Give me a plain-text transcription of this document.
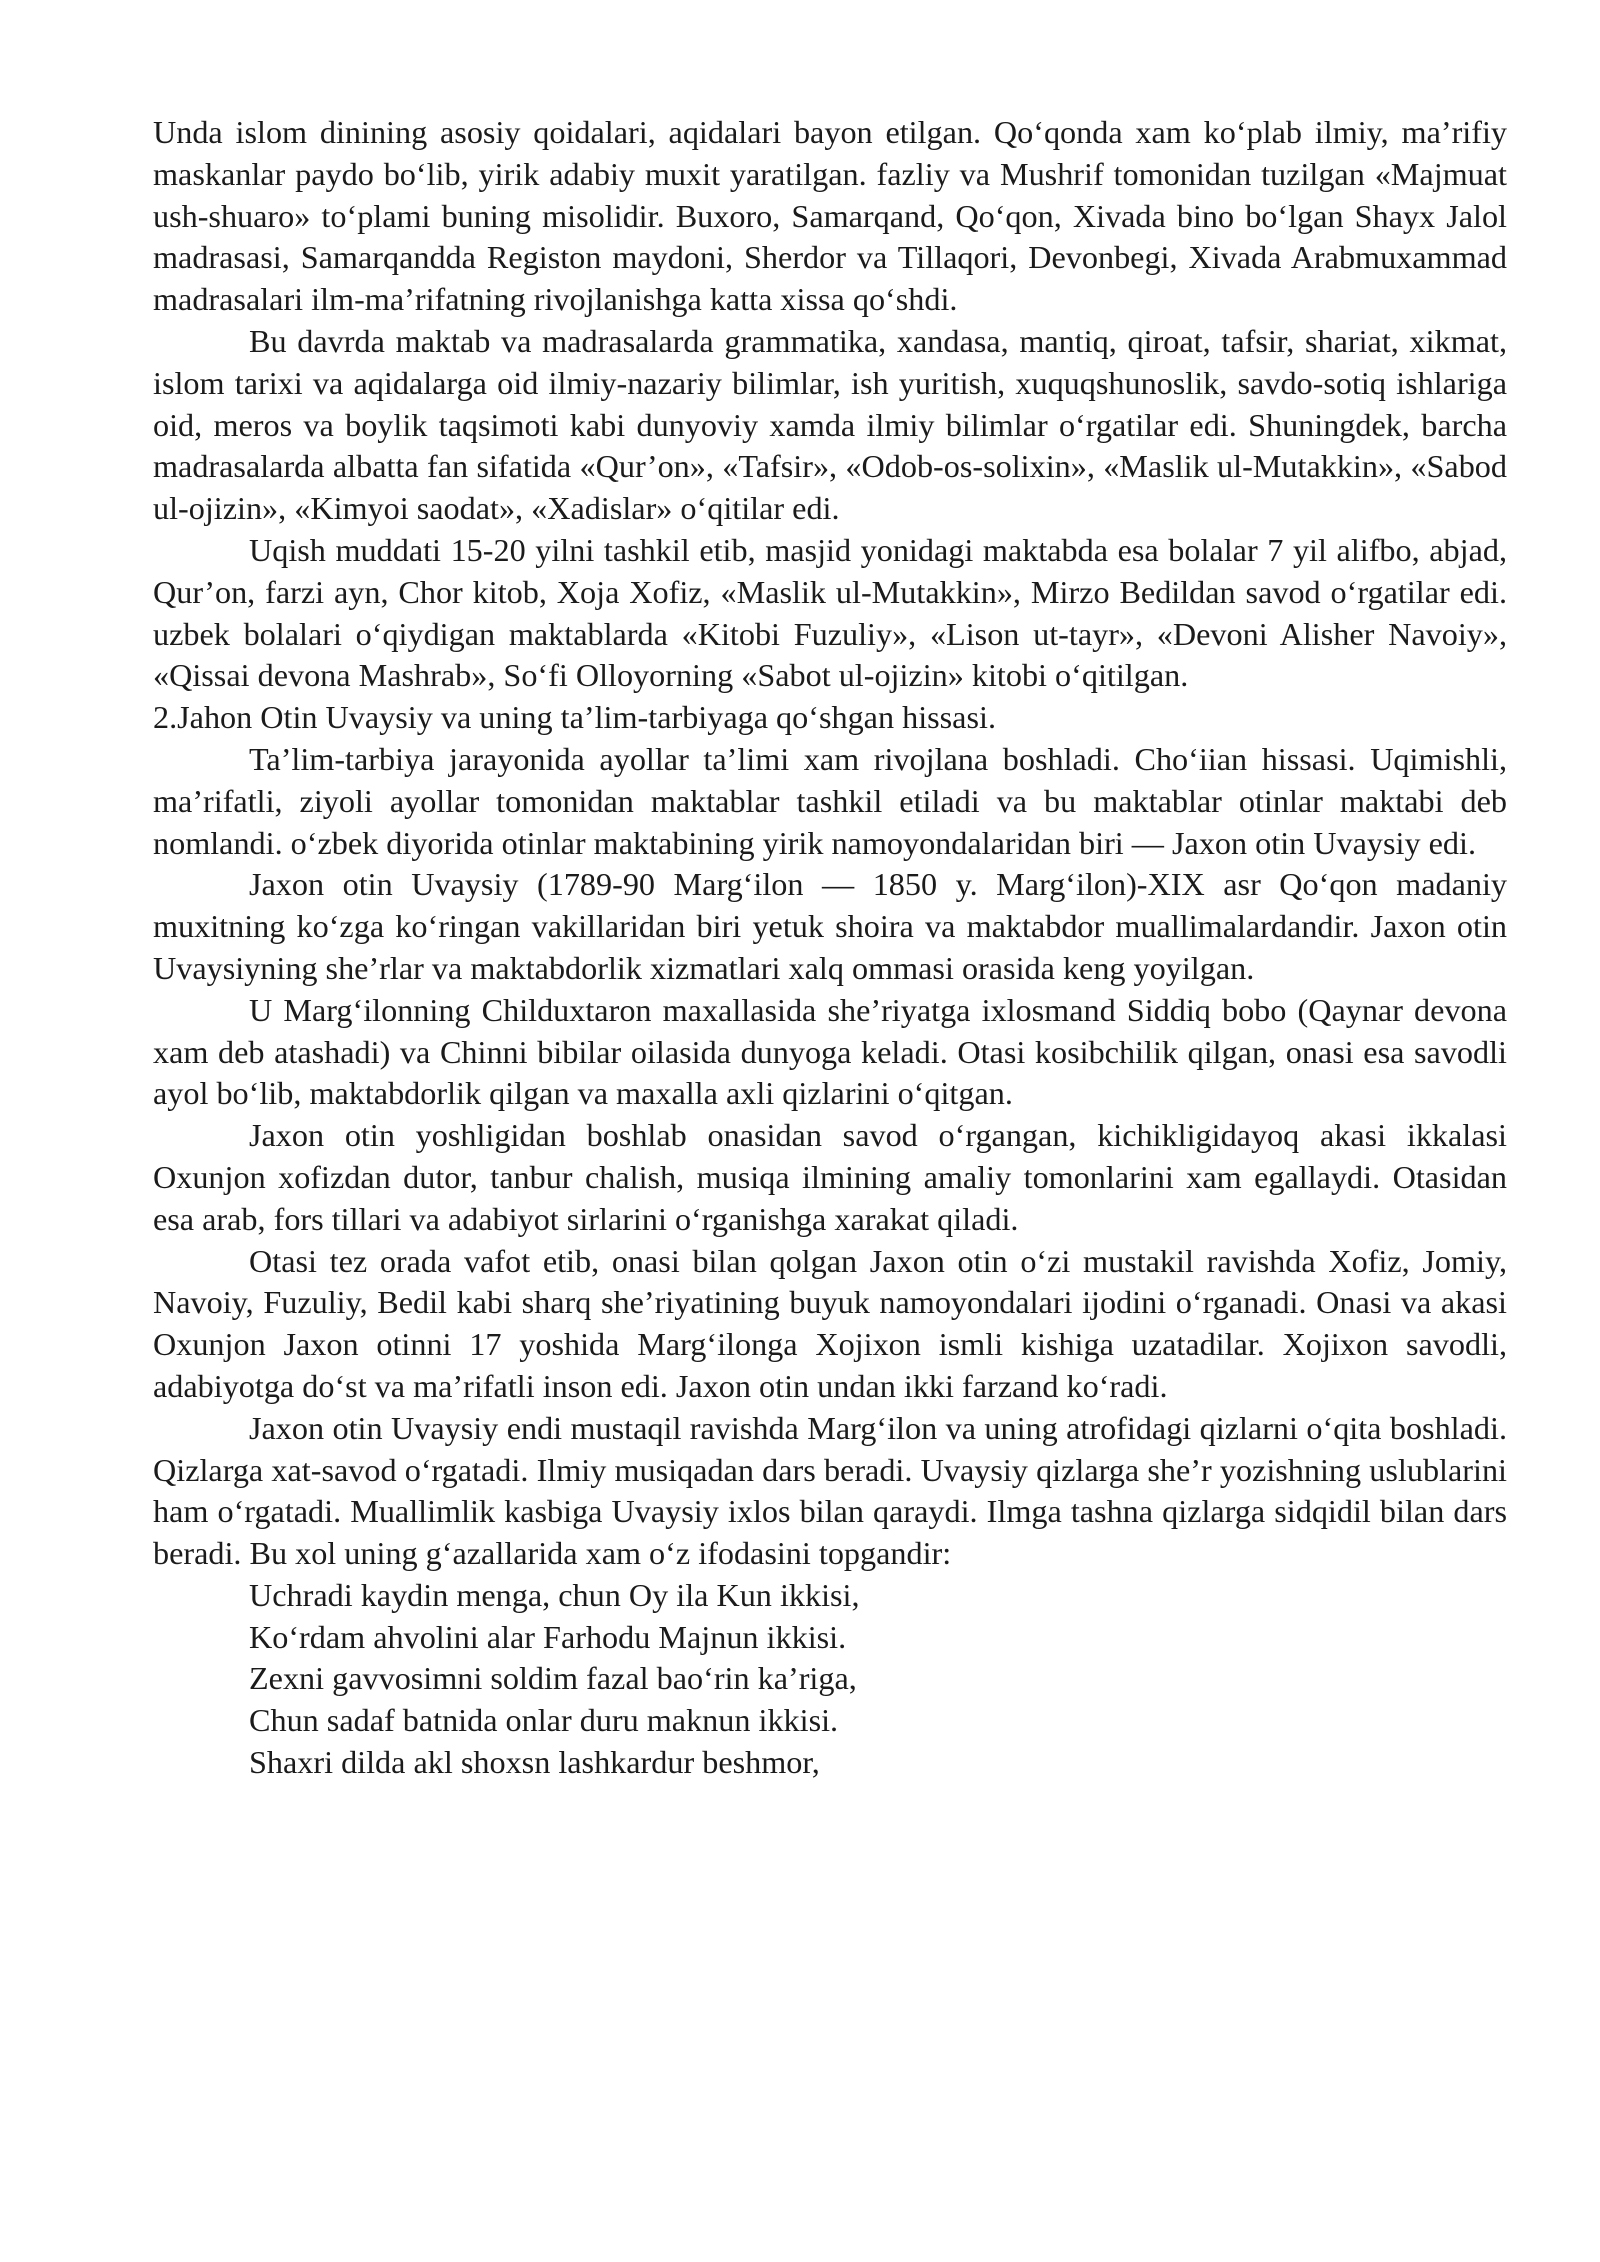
Unda islom dinining asosiy qoidalari, aqidalari bayon etilgan. Qo‘qonda xam ko‘plab ilmiy, ma’rifiy maskanlar paydo bo‘lib, yirik adabiy muxit yaratilgan. fazliy va Mushrif tomonidan tuzilgan «Majmuat ush-shuaro» to‘plami buning misolidir. Buxoro, Samarqand, Qo‘qon, Xivada bino bo‘lgan Shayx Jalol madrasasi, Samarqandda Registon maydoni, Sherdor va Tillaqori, Devonbegi, Xivada Arabmuxammad madrasalari ilm-ma’rifatning rivojlanishga katta xissa qo‘shdi.

Bu davrda maktab va madrasalarda grammatika, xandasa, mantiq, qiroat, tafsir, shariat, xikmat, islom tarixi va aqidalarga oid ilmiy-nazariy bilimlar, ish yuritish, xuquqshunoslik, savdo-sotiq ishlariga oid, meros va boylik taqsimoti kabi dunyoviy xamda ilmiy bilimlar o‘rgatilar edi. Shuningdek, barcha madrasalarda albatta fan sifatida «Qur’on», «Tafsir», «Odob-os-solixin», «Maslik ul-Mutakkin», «Sabod ul-ojizin», «Kimyoi saodat», «Xadislar» o‘qitilar edi.

Uqish muddati 15-20 yilni tashkil etib, masjid yonidagi maktabda esa bolalar 7 yil alifbo, abjad, Qur’on, farzi ayn, Chor kitob, Xoja Xofiz, «Maslik ul-Mutakkin», Mirzo Bedildan savod o‘rgatilar edi. uzbek bolalari o‘qiydigan maktablarda «Kitobi Fuzuliy», «Lison ut-tayr», «Devoni Alisher Navoiy», «Qissai devona Mashrab», So‘fi Olloyorning «Sabot ul-ojizin» kitobi o‘qitilgan.

2.Jahon Otin Uvaysiy va uning ta’lim-tarbiyaga qo‘shgan hissasi.

Ta’lim-tarbiya jarayonida ayollar ta’limi xam rivojlana boshladi. Cho‘iian hissasi. Uqimishli, ma’rifatli, ziyoli ayollar tomonidan maktablar tashkil etiladi va bu maktablar otinlar maktabi deb nomlandi. o‘zbek diyorida otinlar maktabining yirik namoyondalaridan biri — Jaxon otin Uvaysiy edi.

Jaxon otin Uvaysiy (1789-90 Marg‘ilon — 1850 y. Marg‘ilon)-XIX asr Qo‘qon madaniy muxitning ko‘zga ko‘ringan vakillaridan biri yetuk shoira va maktabdor muallimalardandir. Jaxon otin Uvaysiyning she’rlar va maktabdorlik xizmatlari xalq ommasi orasida keng yoyilgan.

U Marg‘ilonning Childuxtaron maxallasida she’riyatga ixlosmand Siddiq bobo (Qaynar devona xam deb atashadi) va Chinni bibilar oilasida dunyoga keladi. Otasi kosibchilik qilgan, onasi esa savodli ayol bo‘lib, maktabdorlik qilgan va maxalla axli qizlarini o‘qitgan.

Jaxon otin yoshligidan boshlab onasidan savod o‘rgangan, kichikligidayoq akasi ikkalasi Oxunjon xofizdan dutor, tanbur chalish, musiqa ilmining amaliy tomonlarini xam egallaydi. Otasidan esa arab, fors tillari va adabiyot sirlarini o‘rganishga xarakat qiladi.

Otasi tez orada vafot etib, onasi bilan qolgan Jaxon otin o‘zi mustakil ravishda Xofiz, Jomiy, Navoiy, Fuzuliy, Bedil kabi sharq she’riyatining buyuk namoyondalari ijodini o‘rganadi. Onasi va akasi Oxunjon Jaxon otinni 17 yoshida Marg‘ilonga Xojixon ismli kishiga uzatadilar. Xojixon savodli, adabiyotga do‘st va ma’rifatli inson edi. Jaxon otin undan ikki farzand ko‘radi.

Jaxon otin Uvaysiy endi mustaqil ravishda Marg‘ilon va uning atrofidagi qizlarni o‘qita boshladi. Qizlarga xat-savod o‘rgatadi. Ilmiy musiqadan dars beradi. Uvaysiy qizlarga she’r yozishning uslublarini ham o‘rgatadi. Muallimlik kasbiga Uvaysiy ixlos bilan qaraydi. Ilmga tashna qizlarga sidqidil bilan dars beradi. Bu xol uning g‘azallarida xam o‘z ifodasini topgandir:

Uchradi kaydin menga, chun Oy ila Kun ikkisi,

Ko‘rdam ahvolini alar Farhodu Majnun ikkisi.

Zexni gavvosimni soldim fazal bao‘rin ka’riga,

Chun sadaf batnida onlar duru maknun ikkisi.

Shaxri dilda akl shoxsn lashkardur beshmor,
